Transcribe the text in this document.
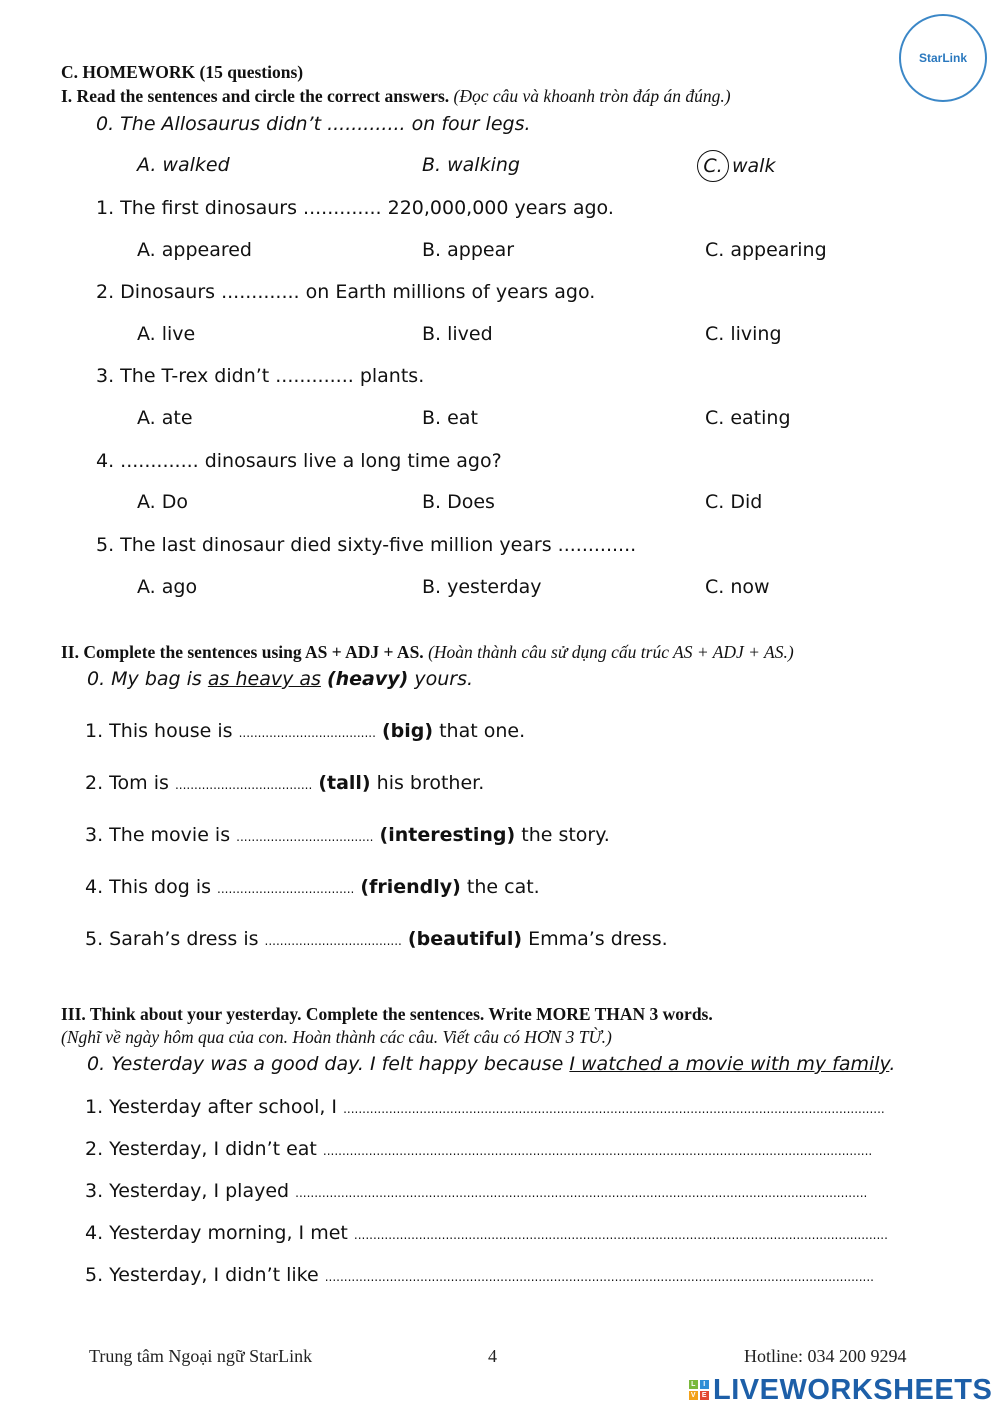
StarLink
C. HOMEWORK (15 questions)
I. Read the sentences and circle the correct answers. (Đọc câu và khoanh tròn đáp án đúng.)
0. The Allosaurus didn’t ............. on four legs.
A. walked	B. walking	C. walk
1. The first dinosaurs ............. 220,000,000 years ago.
A. appeared	B. appear	C. appearing
2. Dinosaurs ............. on Earth millions of years ago.
A. live	B. lived	C. living
3. The T-rex didn’t ............. plants.
A. ate	B. eat	C. eating
4. ............. dinosaurs live a long time ago?
A. Do	B. Does	C. Did
5. The last dinosaur died sixty-five million years .............
A. ago	B. yesterday	C. now
II. Complete the sentences using AS + ADJ + AS. (Hoàn thành câu sử dụng cấu trúc AS + ADJ + AS.)
0. My bag is as heavy as (heavy) yours.
1. This house is .................................... (big) that one.
2. Tom is .................................... (tall) his brother.
3. The movie is .................................... (interesting) the story.
4. This dog is .................................... (friendly) the cat.
5. Sarah’s dress is .................................... (beautiful) Emma’s dress.
III. Think about your yesterday. Complete the sentences. Write MORE THAN 3 words.
(Nghĩ về ngày hôm qua của con. Hoàn thành các câu. Viết câu có HƠN 3 TỪ.)
0. Yesterday was a good day. I felt happy because I watched a movie with my family.
1. Yesterday after school, I ..............................................................................................................................................
2. Yesterday, I didn’t eat ................................................................................................................................................
3. Yesterday, I played ......................................................................................................................................................
4. Yesterday morning, I met ............................................................................................................................................
5. Yesterday, I didn’t like ................................................................................................................................................
Trung tâm Ngoại ngữ StarLink	4	Hotline: 034 200 9294
L	I
V E LIVEWORKSHEETS
